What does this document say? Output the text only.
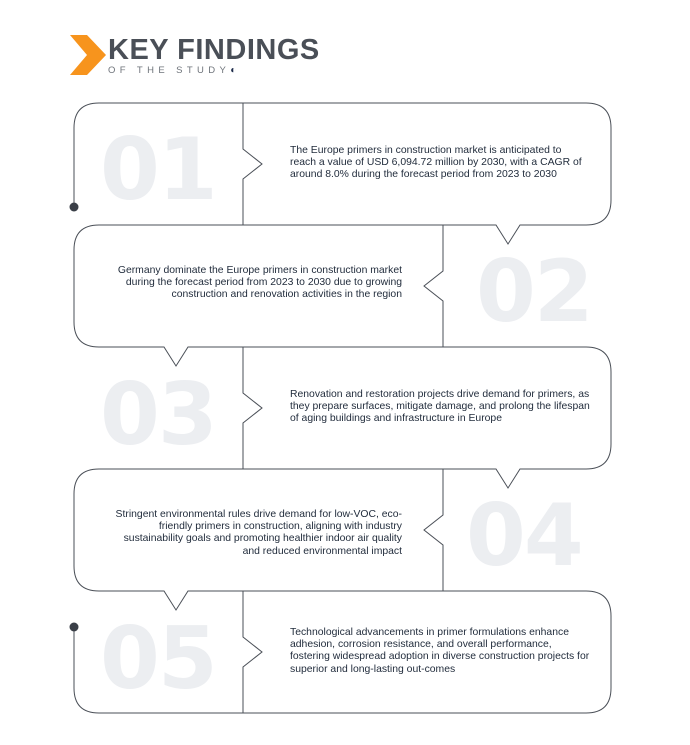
KEY FINDINGS
OF THE STUDY◐
01	The Europe primers in construction market is anticipated to reach a value of USD 6,094.72 million by 2030, with a CAGR of around 8.0% during the forecast period from 2023 to 2030
02
Germany dominate the Europe primers in construction market during the forecast period from 2023 to 2030 due to growing construction and renovation activities in the region
03	Renovation and restoration projects drive demand for primers, as they prepare surfaces, mitigate damage, and prolong the lifespan of aging buildings and infrastructure in Europe
04
Stringent environmental rules drive demand for low-VOC, eco-friendly primers in construction, aligning with industry sustainability goals and promoting healthier indoor air quality and reduced environmental impact
05	Technological advancements in primer formulations enhance adhesion, corrosion resistance, and overall performance, fostering widespread adoption in diverse construction projects for superior and long-lasting out-comes
